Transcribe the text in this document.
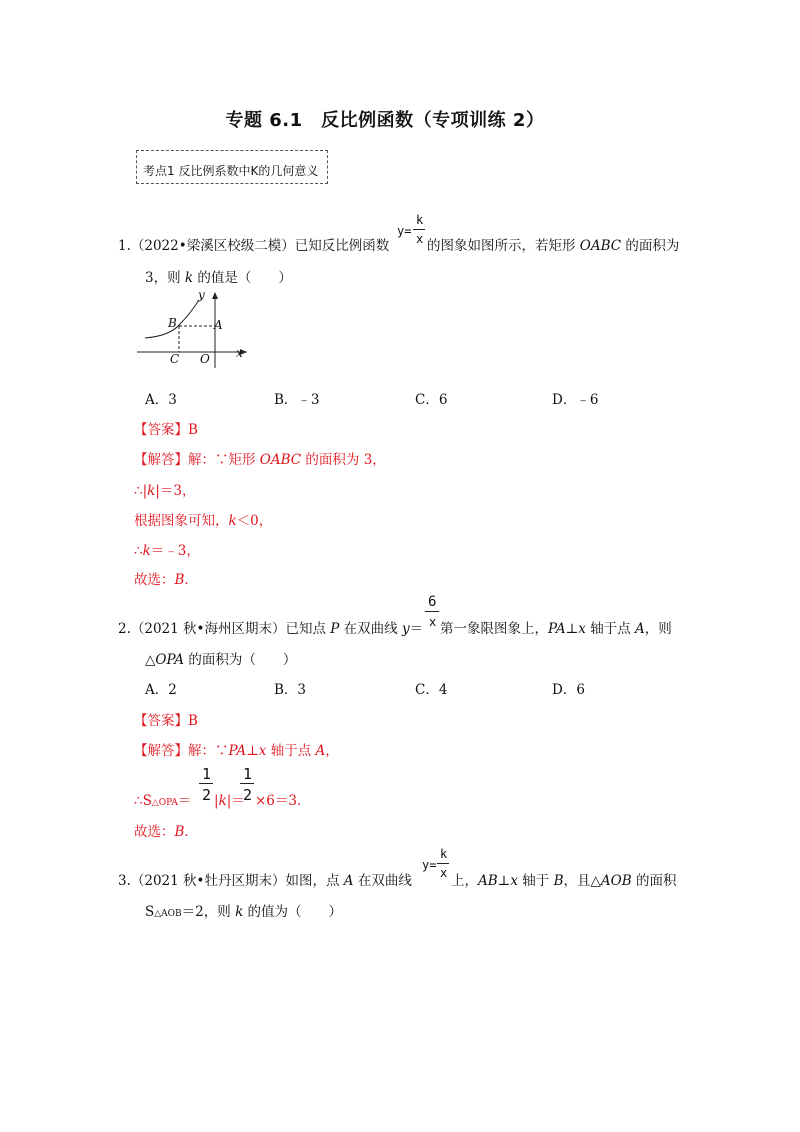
专题 6.1　反比例函数（专项训练 2）
考点1 反比例系数中K的几何意义
1.（2022•梁溪区校级二模）已知反比例函数
y=
k
x 的图象如图所示，若矩形 OABC 的面积为
3，则 k 的值是（　　）
y
x
B	A
C O
A．3	B．﹣3	C．6	D．﹣6
【答案】B
【解答】解：∵矩形 OABC 的面积为 3，
∴|k|＝3，
根据图象可知，k＜0，
∴k＝﹣3，
故选：B．
2.（2021 秋•海州区期末）已知点 P 在双曲线 y＝
6
x 第一象限图象上，PA⊥x 轴于点 A，则
△OPA 的面积为（　　）
A．2	B．3	C．4	D．6
【答案】B
【解答】解：∵PA⊥x 轴于点 A，
∴S△OPA＝
1
2 |k|＝
1
2 ×6＝3．
故选：B．
3.（2021 秋•牡丹区期末）如图，点 A 在双曲线
y=
k
x 上，AB⊥x 轴于 B，且△AOB 的面积
S△AOB＝2，则 k 的值为（　　）
